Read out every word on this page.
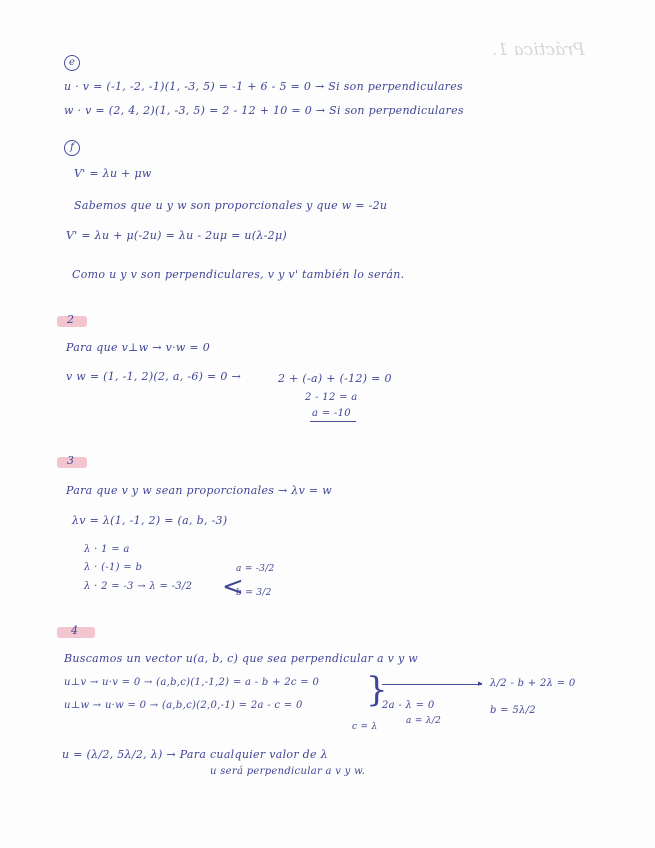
Práctica 1.
e
u · v = (-1, -2, -1)(1, -3, 5) = -1 + 6 - 5 = 0 → Si son perpendiculares
w · v = (2, 4, 2)(1, -3, 5) = 2 - 12 + 10 = 0 → Si son perpendiculares
f
V' = λu + μw
Sabemos que u y w son proporcionales y que w = -2u
V' = λu + μ(-2u) = λu - 2uμ = u(λ-2μ)
Como u y v son perpendiculares, v y v' también lo serán.
2
Para que v⊥w → v·w = 0
v w = (1, -1, 2)(2, a, -6) = 0 →	2 + (-a) + (-12) = 0
2 - 12 = a
a = -10
3
Para que v y w sean proporcionales → λv = w
λv = λ(1, -1, 2) = (a, b, -3)
λ · 1 = a
λ · (-1) = b
λ · 2 = -3 → λ = -3/2 <
a = -3/2
b = 3/2
4
Buscamos un vector u(a, b, c) que sea perpendicular a v y w
u⊥v → u·v = 0 → (a,b,c)(1,-1,2) = a - b + 2c = 0
u⊥w → u·w = 0 → (a,b,c)(2,0,-1) = 2a - c = 0 }	▸ λ/2 - b + 2λ = 0
2a - λ = 0
a = λ/2
b = 5λ/2
c = λ
u = (λ/2, 5λ/2, λ) → Para cualquier valor de λ
u será perpendicular a v y w.
